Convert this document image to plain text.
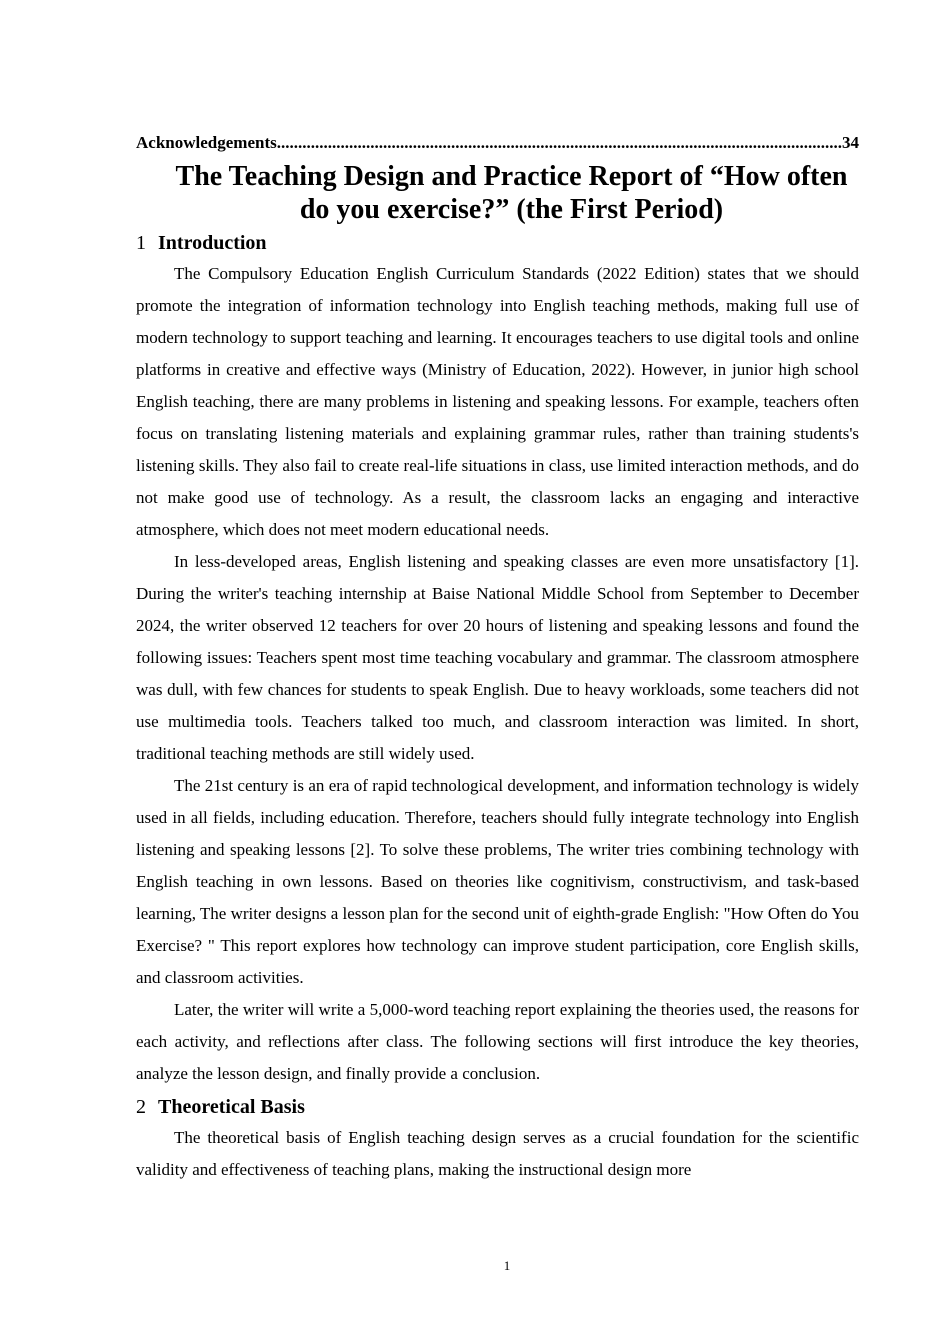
Acknowledgements
.....	34
The Teaching Design and Practice Report of “How often
do you exercise?” (the First Period)
1 Introduction

The Compulsory Education English Curriculum Standards (2022 Edition) states that we should promote the integration of information technology into English teaching methods, making full use of modern technology to support teaching and learning. It encourages teachers to use digital tools and online platforms in creative and effective ways (Ministry of Education, 2022). However, in junior high school English teaching, there are many problems in listening and speaking lessons. For example, teachers often focus on translating listening materials and explaining grammar rules, rather than training students's listening skills. They also fail to create real-life situations in class, use limited interaction methods, and do not make good use of technology. As a result, the classroom lacks an engaging and interactive atmosphere, which does not meet modern educational needs.

In less-developed areas, English listening and speaking classes are even more unsatisfactory [1]. During the writer's teaching internship at Baise National Middle School from September to December 2024, the writer observed 12 teachers for over 20 hours of listening and speaking lessons and found the following issues: Teachers spent most time teaching vocabulary and grammar. The classroom atmosphere was dull, with few chances for students to speak English. Due to heavy workloads, some teachers did not use multimedia tools. Teachers talked too much, and classroom interaction was limited. In short, traditional teaching methods are still widely used.

The 21st century is an era of rapid technological development, and information technology is widely used in all fields, including education. Therefore, teachers should fully integrate technology into English listening and speaking lessons [2]. To solve these problems, The writer tries combining technology with English teaching in own lessons. Based on theories like cognitivism, constructivism, and task-based learning, The writer designs a lesson plan for the second unit of eighth-grade English: "How Often do You Exercise? " This report explores how technology can improve student participation, core English skills, and classroom activities.

Later, the writer will write a 5,000-word teaching report explaining the theories used, the reasons for each activity, and reflections after class. The following sections will first introduce the key theories, analyze the lesson design, and finally provide a conclusion.

2 Theoretical Basis

The theoretical basis of English teaching design serves as a crucial foundation for the scientific validity and effectiveness of teaching plans, making the instructional design more

1
